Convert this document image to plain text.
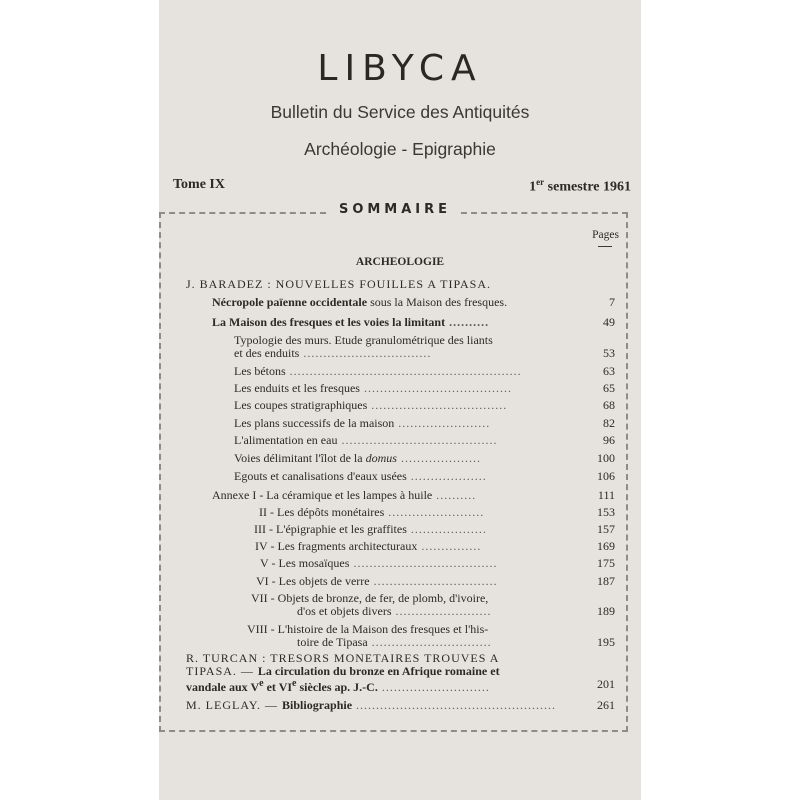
LIBYCA
Bulletin du Service des Antiquités
Archéologie - Epigraphie
Tome IX	1er semestre 1961
SOMMAIRE
Pages
ARCHEOLOGIE
J. BARADEZ : NOUVELLES FOUILLES A TIPASA.
Nécropole païenne occidentale sous la Maison des fresques.	7
La Maison des fresques et les voies la limitant ..........	49
Typologie des murs. Etude granulométrique des liants
et des enduits ................................	53
Les bétons ..........................................................	63
Les enduits et les fresques .....................................	65
Les coupes stratigraphiques ..................................	68
Les plans successifs de la maison .......................	82
L'alimentation en eau .......................................	96
Voies délimitant l'îlot de la domus ....................	100
Egouts et canalisations d'eaux usées ...................	106
Annexe I - La céramique et les lampes à huile ..........	111
II - Les dépôts monétaires ........................	153
III - L'épigraphie et les graffites ...................	157
IV - Les fragments architecturaux ...............	169
V - Les mosaïques ....................................	175
VI - Les objets de verre ...............................	187
VII - Objets de bronze, de fer, de plomb, d'ivoire,
d'os et objets divers ........................	189
VIII - L'histoire de la Maison des fresques et l'his-
toire de Tipasa ..............................	195
R. TURCAN : TRESORS MONETAIRES TROUVES A
TIPASA. — La circulation du bronze en Afrique romaine et
vandale aux Ve et VIe siècles ap. J.-C. ...........................	201
M. LEGLAY. — Bibliographie ..................................................	261
